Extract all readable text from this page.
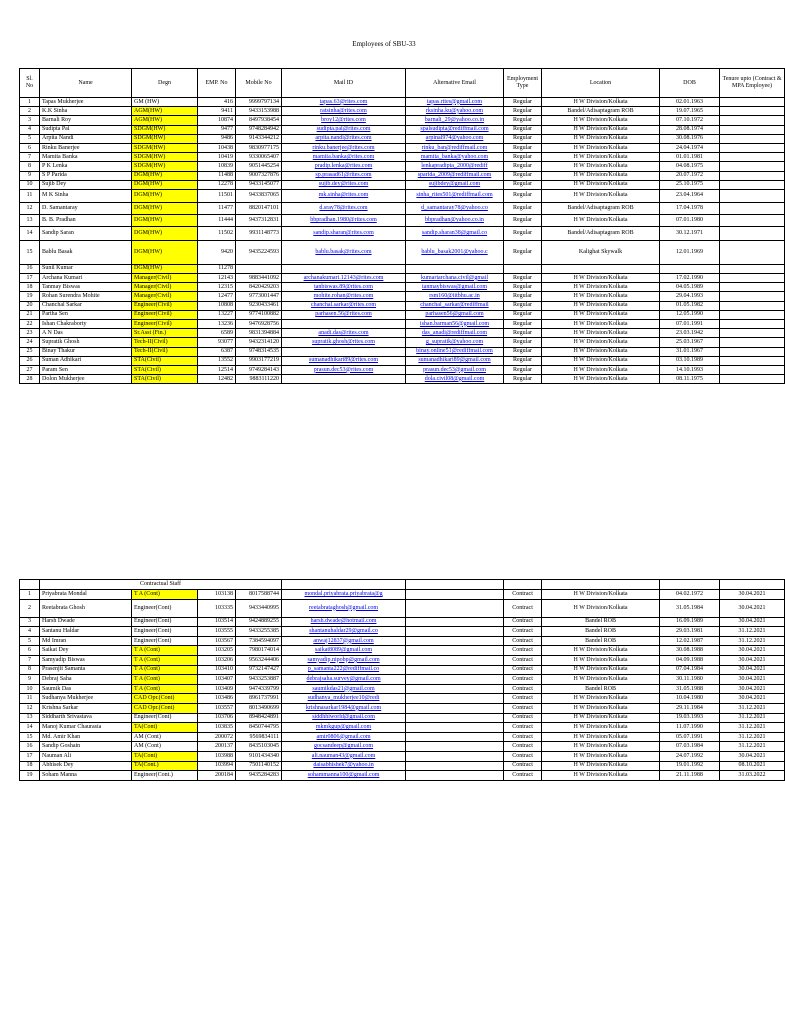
Employees of SBU-33
Sl. No	Name	Degn	EMP. No	Mobile No	Mail ID	Alternative Email	Employment Type	Location	DOB	Tenure upto (Contract & MPA Employee)
1	Tapas Mukherjee	GM (HW)	416	9999797134	tapas.63@rites.com	tapas.rites@gmail.com	Regular	H W Division/Kolkata	02.01.1963	
2	K.K Sinha	AGM(HW)	9411	9433153988	ratsinha@rites.com	rksinha.ku@yahoo.com	Regular	Bandel/Adisaptagram ROB	19.07.1965	
3	Barnali Roy	AGM(HW)	10874	8497938454	broy12@rites.com	barnali_29@yahoo.co.in	Regular	H W Division/Kolkata	07.10.1972	
4	Sudipta Pal	SDGM(HW)	9477	9748284942	sudipta.pal@rites.com	spalsudipta@rediffmail.com	Regular	H W Division/Kolkata	28.08.1974	
5	Arpita Nandi	SDGM(HW)	9486	9143344212	arpita.nandi@rites.com	arpinal974@yahoo.com	Regular	H W Division/Kolkata	30.08.1976	
6	Rinku Banerjee	SDGM(HW)	10438	9830977175	rinku.banerjee@rites.com	rinku_ban@rediffmail.com	Regular	H W Division/Kolkata	24.04.1974	
7	Mamita Banka	SDGM(HW)	10419	9330065407	mamita.banka@rites.com	mamita_banka@yahoo.com	Regular	H W Division/Kolkata	01.01.1981	
8	P K Lenka	SDGM(HW)	10839	9051445254	pradip.lenka@rites.com	lenkapradipta_2000@rediff	Regular	H W Division/Kolkata	04.08.1975	
9	S P Parida	DGM(HW)	11488	9007327876	sp.prasad61@rites.com	sparida_2009@rediffmail.com	Regular	H W Division/Kolkata	20.07.1972	
10	Sujib Dey	DGM(HW)	12278	9433145077	sujib.dey@rites.com	sujibdey@gmail.com	Regular	H W Division/Kolkata	25.10.1975	
11	M K Sinha	DGM(HW)	11501	9433837065	mk.sinha@rites.com	sinha_rites501@rediffmail.com	Regular	H W Division/Kolkata	23.04.1964	
12	D. Samantaray	DGM(HW)	11477	8820147101	d.sray78@rites.com	d_samantaray78@yahoo.co	Regular	Bandel/Adisaptagram ROB	17.04.1978	
13	B. B. Pradhan	DGM(HW)	11444	9437312831	bbpradhan.1980@rites.com	bbpradhan@yahoo.co.in	Regular	H W Division/Kolkata	07.01.1980	
14	Sandip Saran	DGM(HW)	11502	9931148773	sandip.sharan@rites.com	sandip.sharan38@gmail.co	Regular	Bandel/Adisaptagram ROB	30.12.1971	
15	Bablu Basak	DGM(HW)	9420	9435224593	bablu.basak@rites.com	bablu_basak2001@yahoo.c	Regular	Kalighat Skywalk	12.01.1969	
16	Sunil Kumar	DGM(HW)	11278							
17	Archana Kumari	Manager(Civil)	12143	9883441092	archanakumari.12143@rites.com	kumariarchana.civil@gmail	Regular	H W Division/Kolkata	17.02.1990	
18	Tanmay Biswas	Manager(Civil)	12315	8420429203	tanbiswas.89@rites.com	tanmaybiswas@gmail.com	Regular	H W Division/Kolkata	04.05.1989	
19	Rohan Surendra Mohite	Manager(Civil)	12477	9773001447	mohite.rohan@rites.com	rsm160@iitbhu.ac.in	Regular	H W Division/Kolkata	29.04.1993	
20	Chanchal Sarkar	Engineer(Civil)	10808	9230433461	chanchal.sarkar@rites.com	chanchal_sarkar@rediffmail	Regular	H W Division/Kolkata	01.05.1982	
21	Partha Sen	Engineer(Civil)	13227	9774100882	parhasen.56@rites.com	parhasen56@gmail.com	Regular	H W Division/Kolkata	12.05.1990	
22	Ishan Chakraborty	Engineer(Civil)	13236	9476928756		ishan.barman56@gmail.com	Regular	H W Division/Kolkata	07.01.1991	
23	A N Das	Sr.Asst (Fin.)	6589	9831394884	anadi.das@rites.com	das_anadi@rediffmail.com	Regular	H W Division/Kolkata	23.03.1942	
24	Supratik Ghosh	Tech-II(Civil)	93077	9432314120	supratik.ghosh@rites.com	g_supratik@yahoo.com	Regular	H W Division/Kolkata	25.03.1967	
25	Binay Thakur	Tech-II(Civil)	6387	9748314535		binay.online51@rediffmail.com	Regular	H W Division/Kolkata	31.01.1967	
26	Suman Adhikari	STA(Civil)	13552	9903177219	sumanadhikari89@rites.com	sumanadhikari89@gmail.com	Regular	H W Division/Kolkata	03.10.1989	
27	Param Sen	STA(Civil)	12514	9749284143	prasun.dec53@rites.com	prasun.dec53@gmail.com	Regular	H W Division/Kolkata	14.10.1993	
28	Dolon Mukherjee	STA(Civil)	12482	9883111220		dola.civil08@gmail.com	Regular	H W Division/Kolkata	08.11.1975	
	Contractual Staff									
1	Priyabrata Mondal	T A (Cont)	103138	8017588744	mondal.priyabrata.priyabrata@g		Contract	H W Division/Kolkata	04.02.1972	30.04.2021
2	Reetabrata Ghosh	Engineer(Cont)	103335	9433440995	reetabrataghosh@gmail.com		Contract	H W Division/Kolkata	31.05.1984	30.04.2021
3	Harsh Dwade	Engineer(Cont)	103514	9424889255	harsh.dwade@hotmail.com		Contract	Bandel ROB	16.09.1989	30.04.2021
4	Santanu Haldar	Engineer(Cont)	103555	9433255385	shantanuhaldar29@gmail.co		Contract	Bandel ROB	29.03.1981	31.12.2021
5	Md Imran	Engineer(Cont)	103567	7384594097	anwaj12837@gmail.com		Contract	Bandel ROB	12.02.1987	31.12.2021
6	Saikat Dey	T A (Cont)	103205	7980174014	saikat8089@gmail.com		Contract	H W Division/Kolkata	30.08.1988	30.04.2021
7	Samyadip Biswas	T A (Cont)	103206	9563244406	samyadip.nipobp@gmail.com		Contract	H W Division/Kolkata	04.09.1988	30.04.2021
8	Prasenjit Samanta	T A (Cont)	103410	9732147427	p_samanta222@rediffmail.co		Contract	H W Division/Kolkata	07.04.1984	30.04.2021
9	Debraj Saha	T A (Cont)	103407	9433253887	debrajsaha.survey@gmail.com		Contract	H W Division/Kolkata	30.11.1980	30.04.2021
10	Saumik Das	T A (Cont)	103409	9474339799	saumikdas21@gmail.com		Contract	Bandel ROB	31.05.1988	30.04.2021
11	Sudhanya Mukherjee	CAD Opr.(Cont)	103486	8961737991	sudhanya_mukherjee10@redi		Contract	H W Division/Kolkata	10.04.1980	30.04.2021
12	Krishna Sarkar	CAD Opr.(Cont)	103557	8013490699	krishnasarkar1984@gmail.com		Contract	H W Division/Kolkata	29.11.1984	31.12.2021
13	Siddharth Srivastava	Engineer(Cont)	103706	8948424891	siddhhiworld@gmail.com		Contract	H W Division/Kolkata	19.03.1993	31.12.2021
14	Manoj Kumar Chaurasia	TA(Cont)	103835	8450744795	mkmkgup@gmail.com		Contract	H W Division/Kolkata	11.07.1990	31.12.2021
15	Md. Amir Khan	AM (Cont)	200072	9569834111	amir0806@gmail.com		Contract	H W Division/Kolkata	05.07.1991	31.12.2021
16	Sandip Goshain	AM (Cont)	200137	8435103045	gocsandeep@gmail.com		Contract	H W Division/Kolkata	07.03.1984	31.12.2021
17	Nauman Ali	TA(Cont)	103988	9101434340	ali.nauman43@gmail.com		Contract	H W Division/Kolkata	24.07.1992	30.04.2021
18	Abhisek Dey	TA(Cont.)	103994	7501140152	daisabhishek7@yahoo.in		Contract	H W Division/Kolkata	19.01.1992	08.10.2021
19	Soham Manna	Engineer(Cont.)	200184	9435284283	sohammanna100@gmail.com		Contract	H W Division/Kolkata	21.11.1988	31.03.2022
